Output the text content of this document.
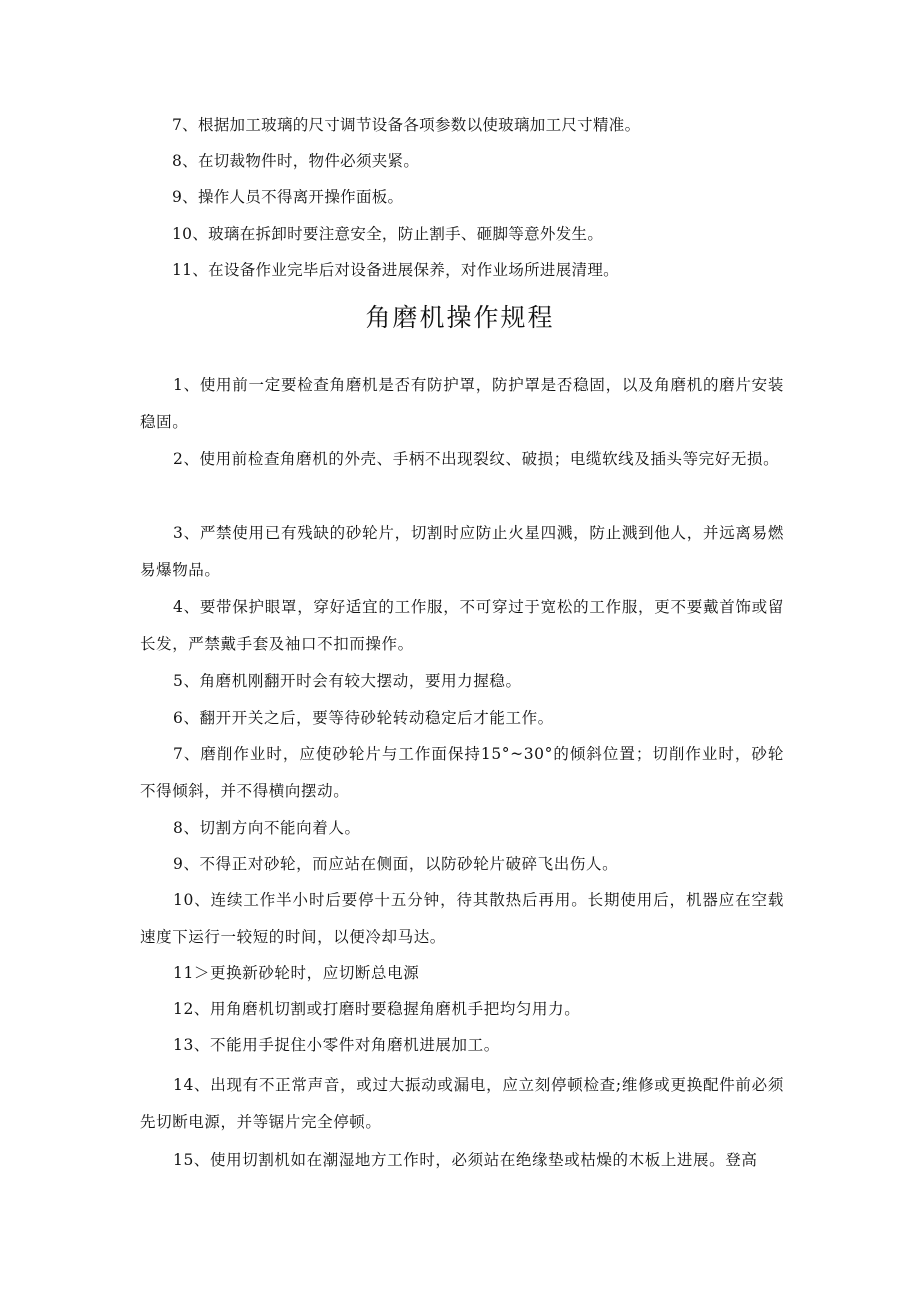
7、根据加工玻璃的尺寸调节设备各项参数以使玻璃加工尺寸精准。
8、在切裁物件时，物件必须夹紧。
9、操作人员不得离开操作面板。
10、玻璃在拆卸时要注意安全，防止割手、砸脚等意外发生。
11、在设备作业完毕后对设备进展保养，对作业场所进展清理。
角磨机操作规程
1、使用前一定要检查角磨机是否有防护罩，防护罩是否稳固，以及角磨机的磨片安装稳固。
2、使用前检查角磨机的外壳、手柄不出现裂纹、破损；电缆软线及插头等完好无损。
3、严禁使用已有残缺的砂轮片，切割时应防止火星四溅，防止溅到他人，并远离易燃易爆物品。
4、要带保护眼罩，穿好适宜的工作服，不可穿过于宽松的工作服，更不要戴首饰或留长发，严禁戴手套及袖口不扣而操作。
5、角磨机刚翻开时会有较大摆动，要用力握稳。
6、翻开开关之后，要等待砂轮转动稳定后才能工作。
7、磨削作业时，应使砂轮片与工作面保持15°~30°的倾斜位置；切削作业时，砂轮不得倾斜，并不得横向摆动。
8、切割方向不能向着人。
9、不得正对砂轮，而应站在侧面，以防砂轮片破碎飞出伤人。
10、连续工作半小时后要停十五分钟，待其散热后再用。长期使用后，机器应在空载速度下运行一较短的时间，以便冷却马达。
11＞更换新砂轮时，应切断总电源
12、用角磨机切割或打磨时要稳握角磨机手把均匀用力。
13、不能用手捉住小零件对角磨机进展加工。
14、出现有不正常声音，或过大振动或漏电，应立刻停顿检查;维修或更换配件前必须先切断电源，并等锯片完全停顿。
15、使用切割机如在潮湿地方工作时，必须站在绝缘垫或枯燥的木板上进展。登高
